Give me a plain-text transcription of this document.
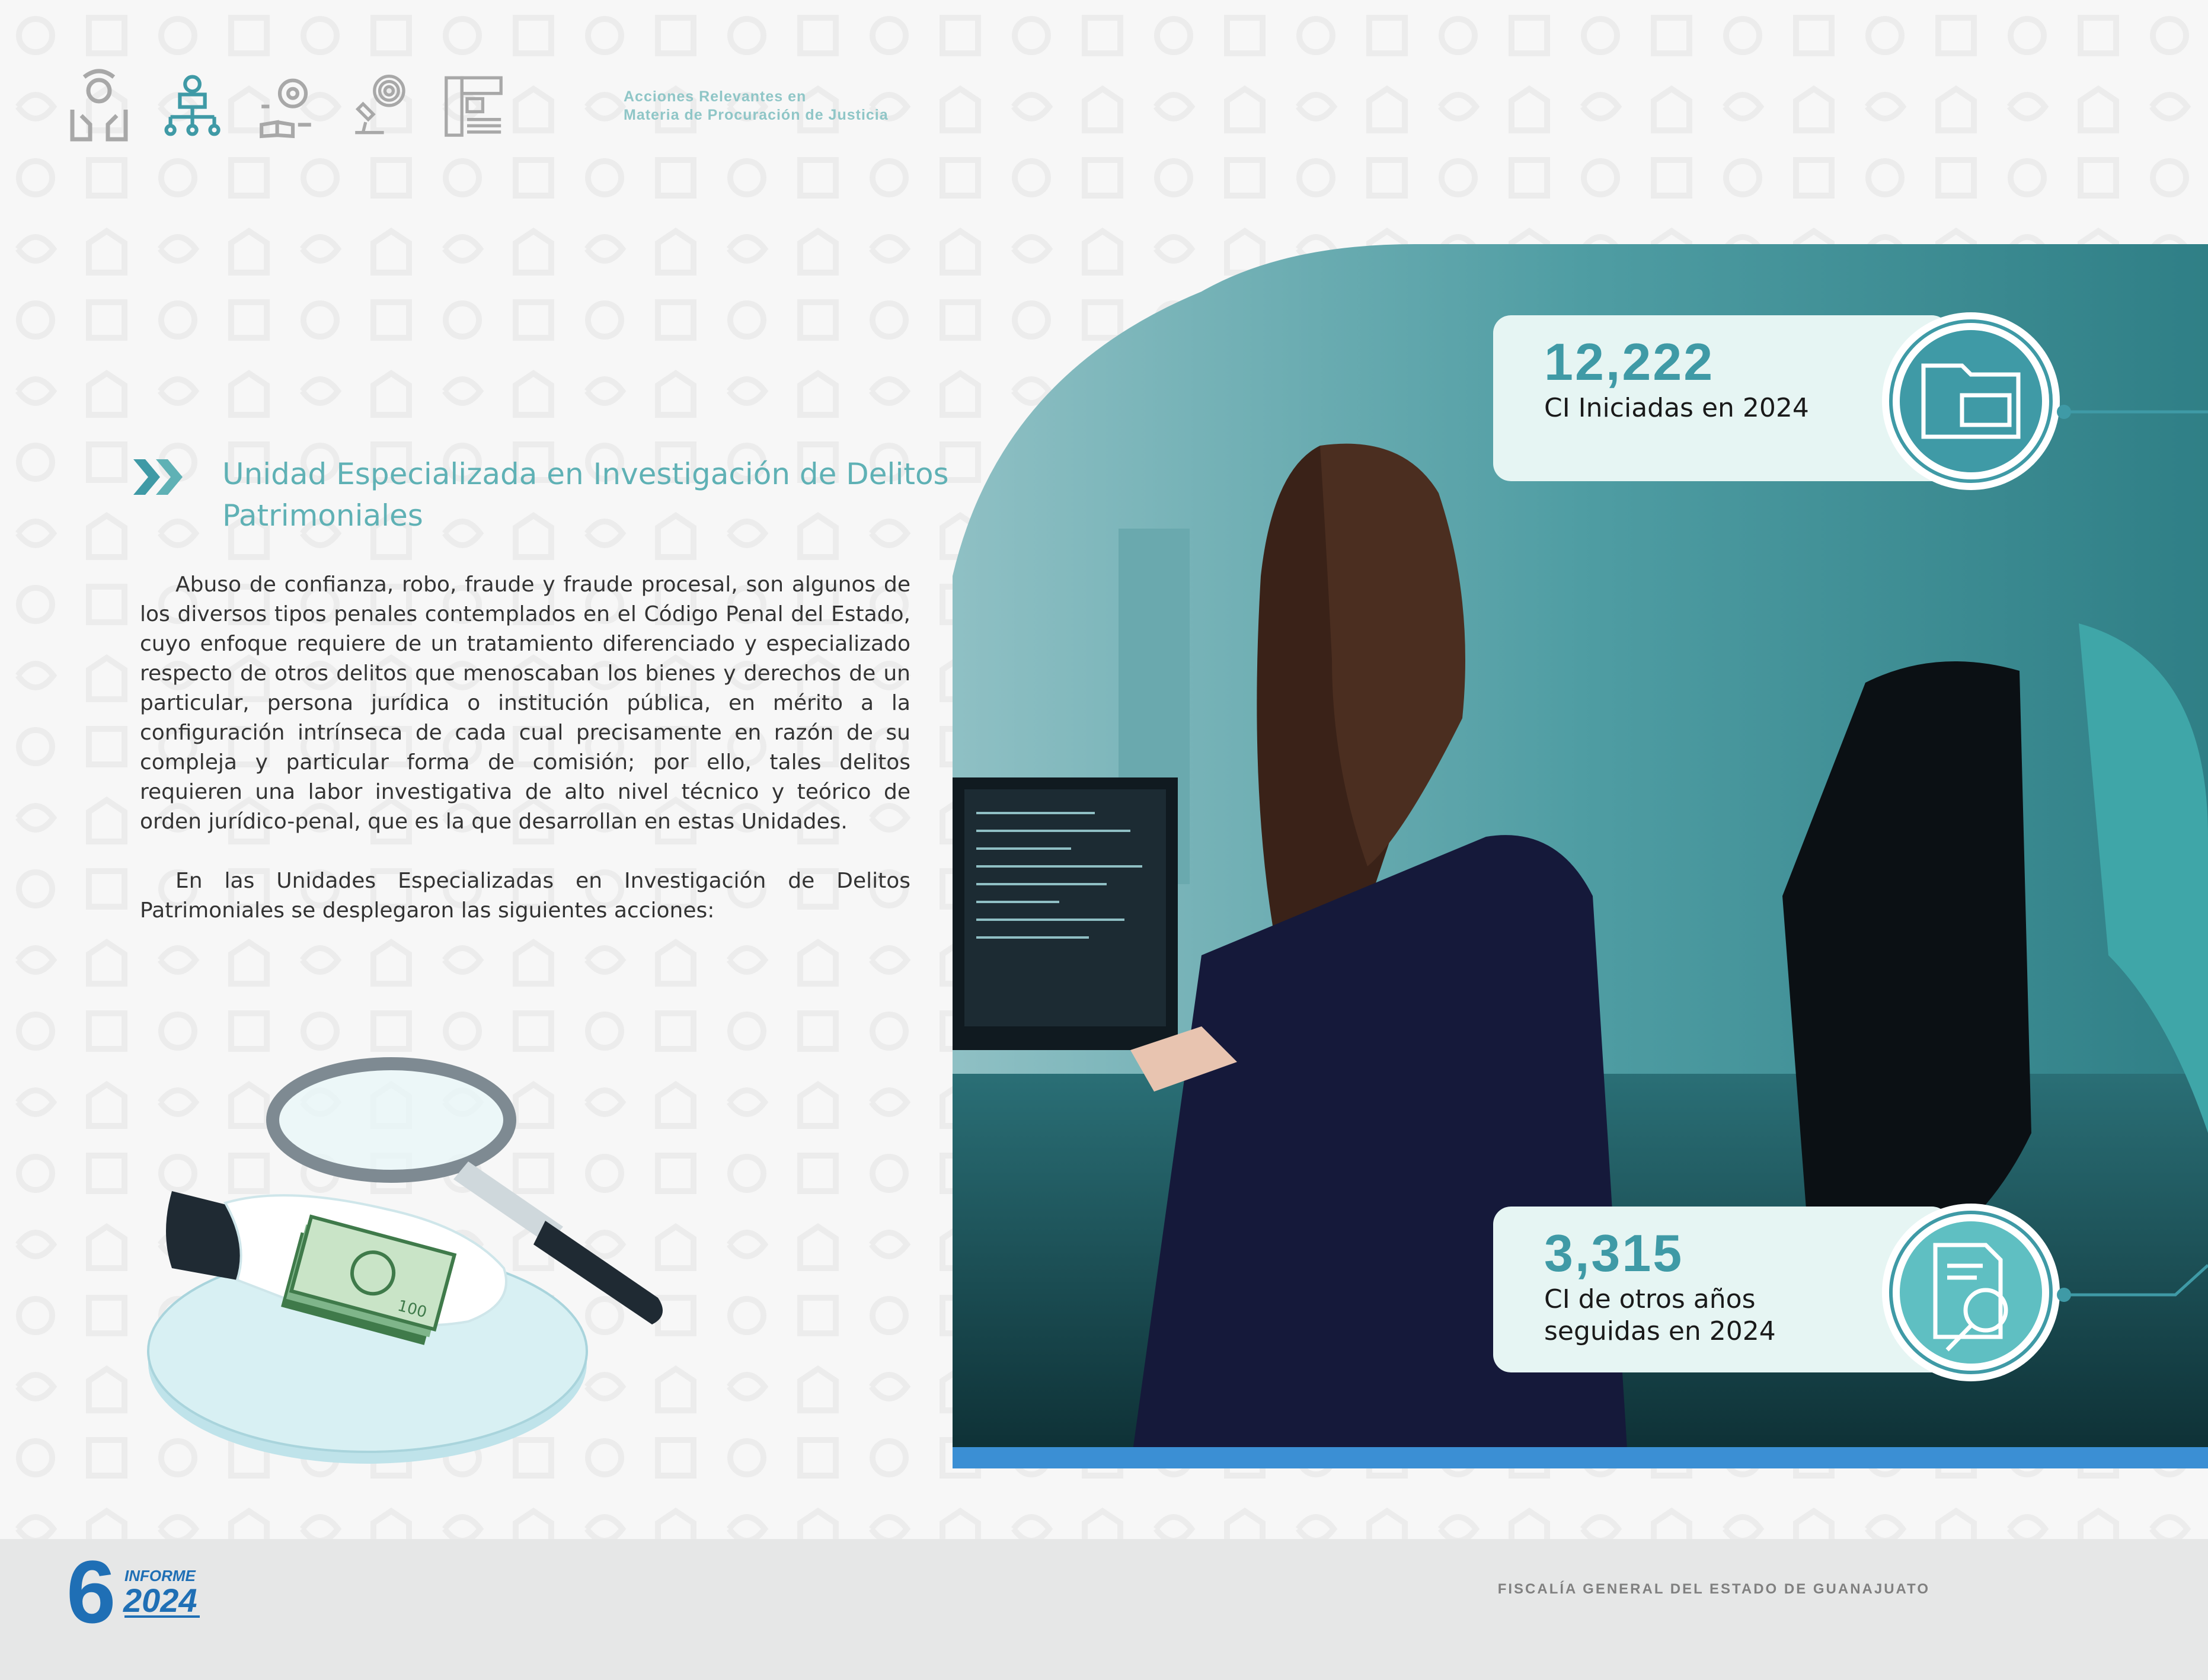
Acciones Relevantes en
Materia de Procuración de Justicia
Unidad Especializada en Investigación de Delitos Patrimoniales

Abuso de confianza, robo, fraude y fraude procesal, son algunos de los diversos tipos penales contemplados en el Código Penal del Estado, cuyo enfoque requiere de un tratamiento diferenciado y especializado respecto de otros delitos que menoscaban los bienes y derechos de un particular, persona jurídica o institución pública, en mérito a la configuración intrínseca de cada cual precisamente en razón de su compleja y particular forma de comisión; por ello, tales delitos requieren una labor investigativa de alto nivel técnico y teórico de orden jurídico-penal, que es la que desarrollan en estas Unidades.

En las Unidades Especializadas en Investigación de Delitos Patrimoniales se desplegaron las siguientes acciones:

100
12,222
CI Iniciadas en 2024
3,315
CI de otros años seguidas en 2024
6 INFORME
2024	FISCALÍA GENERAL DEL ESTADO DE GUANAJUATO
